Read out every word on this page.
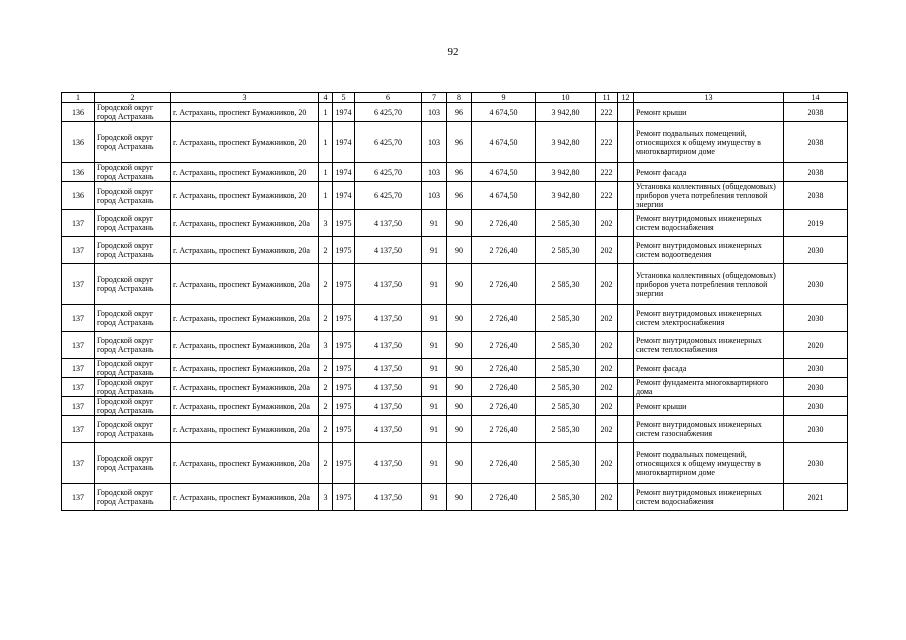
92
1	2	3	4	5	6	7	8	9	10	11	12	13	14
136	Городской округ город Астрахань	г. Астрахань, проспект Бумажников, 20	1	1974	6 425,70	103	96	4 674,50	3 942,80	222		Ремонт крыши	2038
136	Городской округ город Астрахань	г. Астрахань, проспект Бумажников, 20	1	1974	6 425,70	103	96	4 674,50	3 942,80	222		Ремонт подвальных помещений, относящихся к общему имуществу в многоквартирном доме	2038
136	Городской округ город Астрахань	г. Астрахань, проспект Бумажников, 20	1	1974	6 425,70	103	96	4 674,50	3 942,80	222		Ремонт фасада	2038
136	Городской округ город Астрахань	г. Астрахань, проспект Бумажников, 20	1	1974	6 425,70	103	96	4 674,50	3 942,80	222		Установка коллективных (общедомовых) приборов учета потребления тепловой энергии	2038
137	Городской округ город Астрахань	г. Астрахань, проспект Бумажников, 20а	3	1975	4 137,50	91	90	2 726,40	2 585,30	202		Ремонт внутридомовых инженерных систем водоснабжения	2019
137	Городской округ город Астрахань	г. Астрахань, проспект Бумажников, 20а	2	1975	4 137,50	91	90	2 726,40	2 585,30	202		Ремонт внутридомовых инженерных систем водоотведения	2030
137	Городской округ город Астрахань	г. Астрахань, проспект Бумажников, 20а	2	1975	4 137,50	91	90	2 726,40	2 585,30	202		Установка коллективных (общедомовых) приборов учета потребления тепловой энергии	2030
137	Городской округ город Астрахань	г. Астрахань, проспект Бумажников, 20а	2	1975	4 137,50	91	90	2 726,40	2 585,30	202		Ремонт внутридомовых инженерных систем электроснабжения	2030
137	Городской округ город Астрахань	г. Астрахань, проспект Бумажников, 20а	3	1975	4 137,50	91	90	2 726,40	2 585,30	202		Ремонт внутридомовых инженерных систем теплоснабжения	2020
137	Городской округ город Астрахань	г. Астрахань, проспект Бумажников, 20а	2	1975	4 137,50	91	90	2 726,40	2 585,30	202		Ремонт фасада	2030
137	Городской округ город Астрахань	г. Астрахань, проспект Бумажников, 20а	2	1975	4 137,50	91	90	2 726,40	2 585,30	202		Ремонт фундамента многоквартирного дома	2030
137	Городской округ город Астрахань	г. Астрахань, проспект Бумажников, 20а	2	1975	4 137,50	91	90	2 726,40	2 585,30	202		Ремонт крыши	2030
137	Городской округ город Астрахань	г. Астрахань, проспект Бумажников, 20а	2	1975	4 137,50	91	90	2 726,40	2 585,30	202		Ремонт внутридомовых инженерных систем газоснабжения	2030
137	Городской округ город Астрахань	г. Астрахань, проспект Бумажников, 20а	2	1975	4 137,50	91	90	2 726,40	2 585,30	202		Ремонт подвальных помещений, относящихся к общему имуществу в многоквартирном доме	2030
137	Городской округ город Астрахань	г. Астрахань, проспект Бумажников, 20а	3	1975	4 137,50	91	90	2 726,40	2 585,30	202		Ремонт внутридомовых инженерных систем водоснабжения	2021
